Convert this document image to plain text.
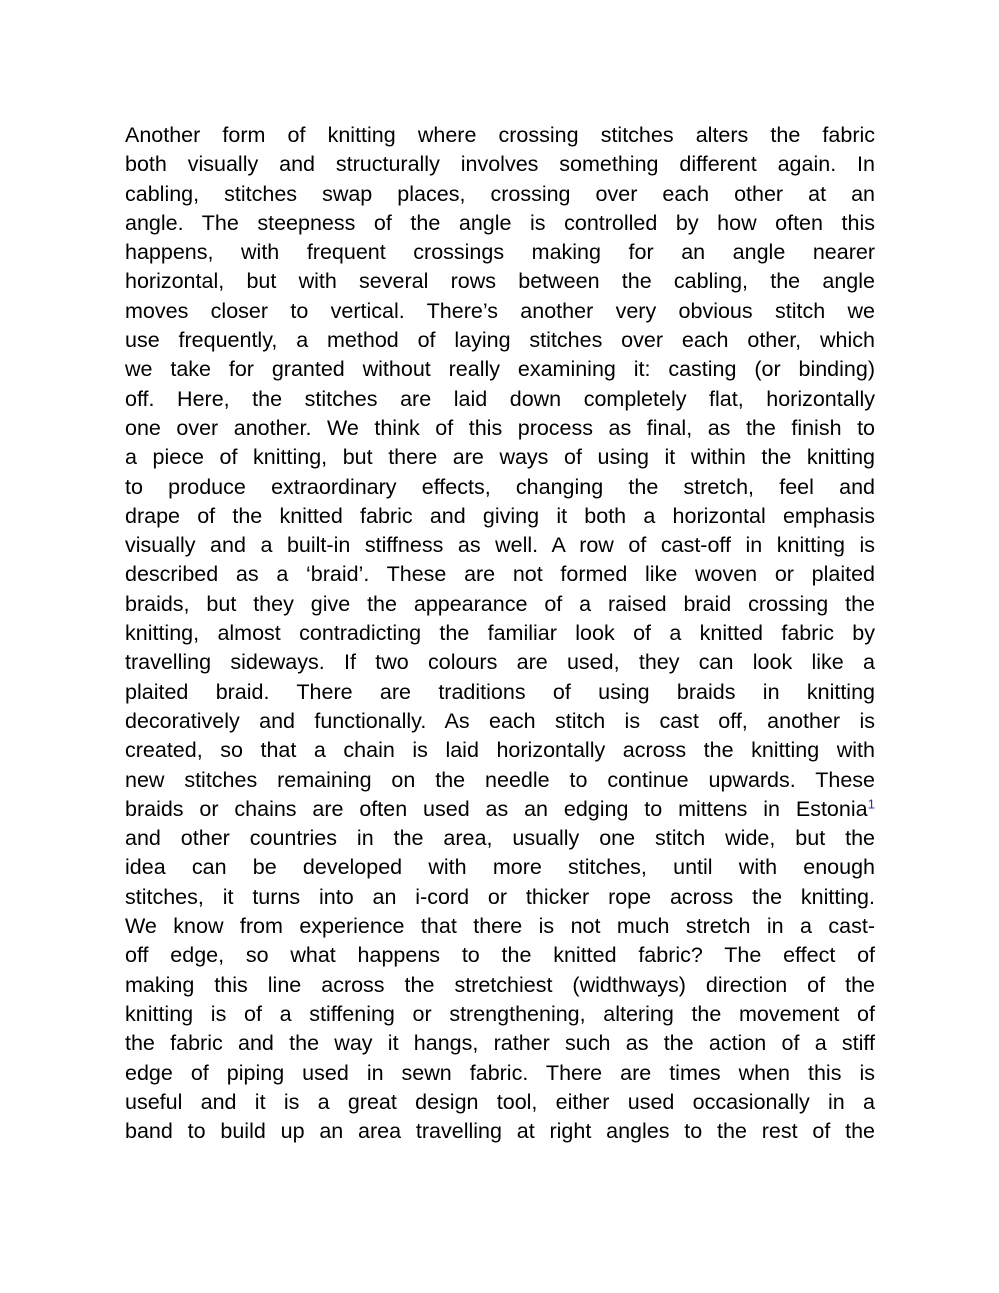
Another form of knitting where crossing stitches alters the fabric
both visually and structurally involves something different again. In
cabling, stitches swap places, crossing over each other at an
angle. The steepness of the angle is controlled by how often this
happens, with frequent crossings making for an angle nearer
horizontal, but with several rows between the cabling, the angle
moves closer to vertical. There’s another very obvious stitch we
use frequently, a method of laying stitches over each other, which
we take for granted without really examining it: casting (or binding)
off. Here, the stitches are laid down completely flat, horizontally
one over another. We think of this process as final, as the finish to
a piece of knitting, but there are ways of using it within the knitting
to produce extraordinary effects, changing the stretch, feel and
drape of the knitted fabric and giving it both a horizontal emphasis
visually and a built-in stiffness as well. A row of cast-off in knitting is
described as a ‘braid’. These are not formed like woven or plaited
braids, but they give the appearance of a raised braid crossing the
knitting, almost contradicting the familiar look of a knitted fabric by
travelling sideways. If two colours are used, they can look like a
plaited braid. There are traditions of using braids in knitting
decoratively and functionally. As each stitch is cast off, another is
created, so that a chain is laid horizontally across the knitting with
new stitches remaining on the needle to continue upwards. These
braids or chains are often used as an edging to mittens in Estonia$^1$
and other countries in the area, usually one stitch wide, but the
idea can be developed with more stitches, until with enough
stitches, it turns into an i-cord or thicker rope across the knitting.
We know from experience that there is not much stretch in a cast-
off edge, so what happens to the knitted fabric? The effect of
making this line across the stretchiest (widthways) direction of the
knitting is of a stiffening or strengthening, altering the movement of
the fabric and the way it hangs, rather such as the action of a stiff
edge of piping used in sewn fabric. There are times when this is
useful and it is a great design tool, either used occasionally in a
band to build up an area travelling at right angles to the rest of the
